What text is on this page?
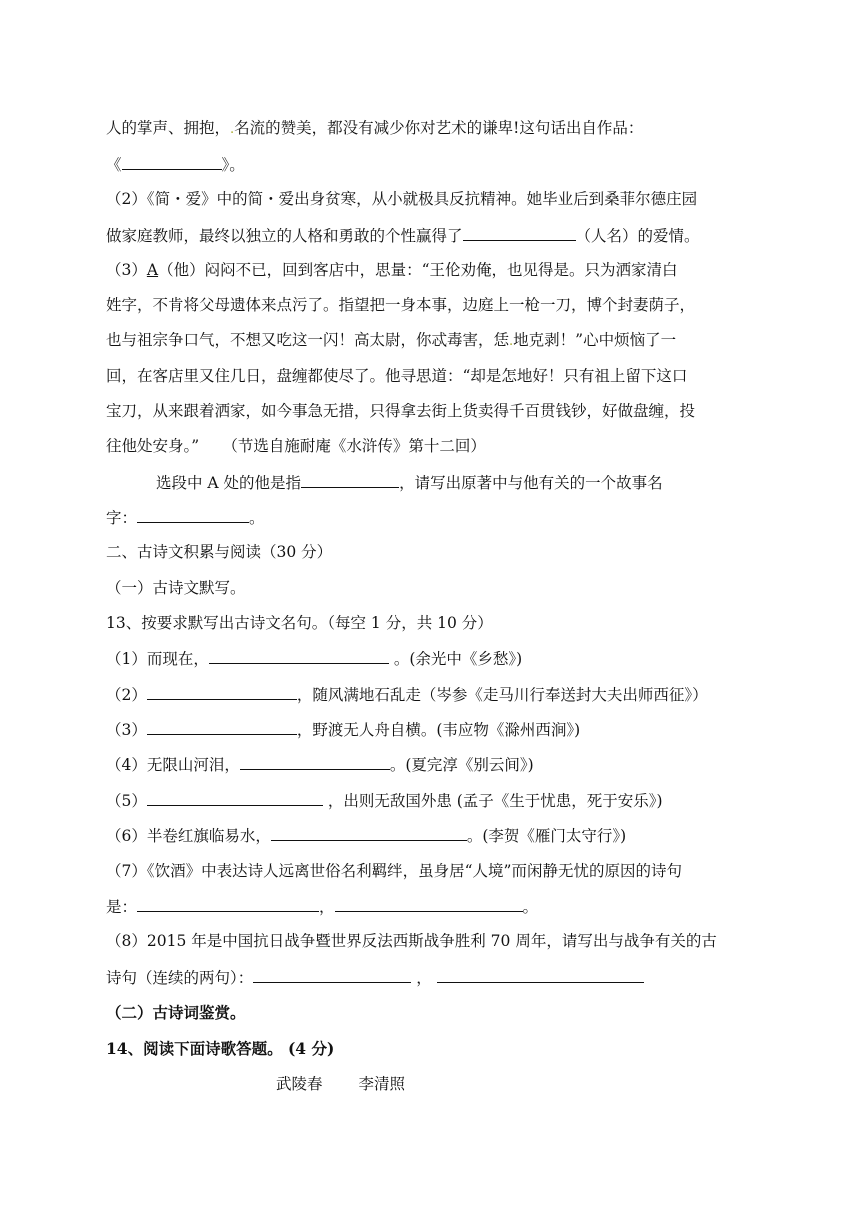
人的掌声、拥抱，.名流的赞美，都没有减少你对艺术的谦卑!这句话出自作品：
《	》。
（2）《简・爱》中的简・爱出身贫寒，从小就极具反抗精神。她毕业后到桑菲尔德庄园
做家庭教师，最终以独立的人格和勇敢的个性赢得了	（人名）的爱情。
（3）A（他）闷闷不已，回到客店中，思量：“王伦劝俺，也见得是。只为洒家清白
姓字，不肯将父母遗体来点污了。指望把一身本事，边庭上一枪一刀，博个封妻荫子，
也与祖宗争口气，不想又吃这一闪！高太尉，你忒毒害，恁.地克剥！”心中烦恼了一
回，在客店里又住几日，盘缠都使尽了。他寻思道：“却是怎地好！只有祖上留下这口
宝刀，从来跟着洒家，如今事急无措，只得拿去街上货卖得千百贯钱钞，好做盘缠，投
往他处安身。”　　（节选自施耐庵《水浒传》第十二回）
选段中 A 处的他是指	，请写出原著中与他有关的一个故事名
字：	。
二、古诗文积累与阅读（30 分）
（一）古诗文默写。
13、按要求默写出古诗文名句。（每空 1 分，共 10 分）
（1）而现在，	。(余光中《乡愁》)
（2）	，随风满地石乱走（岑参《走马川行奉送封大夫出师西征》）
（3）	，野渡无人舟自横。(韦应物《滁州西涧》)
（4）无限山河泪，	。(夏完淳《别云间》)
（5）	，出则无敌国外患 (孟子《生于忧患，死于安乐》)
（6）半卷红旗临易水，	。(李贺《雁门太守行》)
（7）《饮酒》中表达诗人远离世俗名利羁绊，虽身居“人境”而闲静无忧的原因的诗句
是：	，	。
（8）2015 年是中国抗日战争暨世界反法西斯战争胜利 70 周年，请写出与战争有关的古
诗句（连续的两句）：	，
（二）古诗词鉴赏。
14、阅读下面诗歌答题。 (4 分)
武陵春 李清照
